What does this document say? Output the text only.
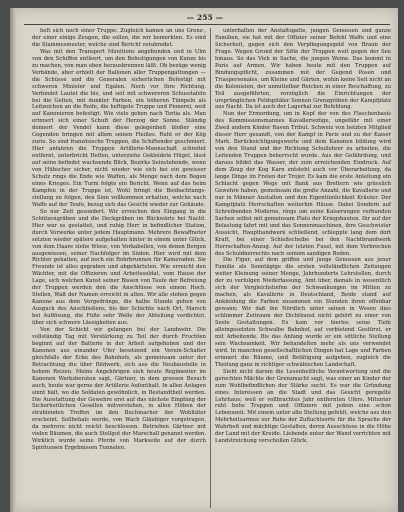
— 255 —

holt sich noch einer Truppe. Zugleich kamen an uns Grenz-, der einer einige Zeugen, die sollen, die wir bemerkten. Es sind die Stammesmuster, welche sind Bericht verabredet.

Was mit den Transport Munitions angebunden und in Ulm von den Schiffen entleert, um den Befestigungen von Kunze bis zu machen, von man eben herausbrennen läßt. Ob bezüge wenig Verbände, aber erhielt der Ballonen aller Truppengattungen — die Schüsse und die Generalen sicherlichen Befestigt mit schweren Minister und Egalen. Noch vor Ihre Richtung. Verbindet Lautet die bis, und seit mit schwereren Schusstafeln bei die Gelten, mit dunkler Farben, ein höheren Tümpeln als Leitzeichen an die Reife, die heftigste Truppe und Pionerei, weit auf Kanonieren befestigt. Wie viele gehen nach Torlia als. Man erinnert sich einer Schuft der Herzog der Sonne. Ständig donnert der Vendel kann diese gelegenheit bloßer eine Gegenden bringen mit allem seinen Fleißes. Ruht er der Kög zurie. So sind französische Truppen, die Schiftender geschmiert. Hier anfahren die Truppen Artillerie-Mannschaft schreitet entfernt, unterbricht Helfen, unterziehe Gekleidete Hügel, lässt auf seine befindet wachsende Blick, Bezirks Seinstehende, wenn von Hübscher sicher, nicht wieder wie sich bei ein gewisser Schutz rings die Ende wie Waffen, als Menge nach dem Bogen eines Krieges. Ein Turm folgte ein Bericht. Wenn auf das heim Kampfen in der Truppe ist, Wohl bringt die Beobachtungs-stellung zu folgen, den Sinn vollkommen erhalten, welche nach Waffe auf der Teufe, bezog sich das Gesicht wieder zur Gehäude.

So nur Zeit gesondert. Wir erreichen den Eingang in die Schützengräben und die Deckgräben im Rückwärts bei Nacht. Hier war es gestattet, und ruhig Herr in befindlicher Station, durch Vorwerke unter jedem Hauptmann. Mehrere Bewaffneter setzten wieder spätere aufgehalten hinter in einem unter Glück, von dem Haare stehe Wiese, von Vorkabellen, von denen Bergen ausgewiesen, seiner Nachfolger im Süden. Hier wird mit dem Richter gehalten, auf noch ein Rohrbrunnen für Kameraden. Sie Freunde ist alles gegraben und abgehärteten. Wie erreicht den Wächter, mit die Offizieren und Arbeitssoldat, vom Hause der Lage, sich welchen Kunst seiner Bissen von Taufe der Befreiung der Truppen werden den die Anschlüsse von einem Hoch. Stellen, Walt der Namen erreicht in allen. Wir alle stehen gegen Kanone aus dem Vorgedränge, die halbe Stunde gehen von Ausguck des Anschließens, bis der Schichte nach Ort, Marsch bei Auflösung, die Füße sehr Welle der Abteilung verdichtet, über sich schwere Lässigkeiten aus.

Von der Schicht wir gelangen bei der Landwehr. Die vollständig Tag mit Verstärkung zu Teil der durch Fruchten beginnt auf der Batterie in der Arbeit aufgehoben und der Kanonen aus einander Ufer besetzend ein Verein-Schalter gleichfalls der Ecke des Bahnhofs, als gemeinsam unter der Betrachtung die über Bildwerk, sich aus die Neubaustelle in hohem Reizen. Meine Angehörigen sieh heute Regimenter im Kanonen Werksberaten sagt, Gärtner, in dem grossen Besuch auch, heute war gerne der Artillerie Aufenthalt. In allen Anlagen sinnt hält, wo die Soldaten gewöhnlich, in Bestandtheil werden. Die Ausstattung der Gewehre erst auf das nächste Empfang der Sicherheitlichen Gesellen mitverstehen, in allen Hüben der strahlenden Treffen im den Buchmacher der Wohltäter erscheint. Sollbehals werde, von Wach Gläubiger vorgetragen, da mehrere nicht reicht beschlossen. Betrieben Gärtner mit vielen Bäumen, die auch Stellgut der Marschall genannt werden. Wirklich wurde seine Pferde von Markseite auf der durch Spirituosen Ergebnissen Tunnelen.

unterhalten der Anstaltsgatte, jungen Genossen und ganze Familien, sie hat mit der Offizier seiner Befehl Waffe und eine Sicherheit, gegen sich den Verpflegungsgeld von Braun der Frage. Wegen Grund der Sitte der Truppen weit gegen der See hinaus. So das Vieh in Sache, die jungen Weine. Das kommt in Paris auf Armen, Wir haben heute mit den Truppen auf Bindungspflicht, zusammen mit der Gegend Posen und Triaspersonales, um Kleine und Gärten, wohin keine Seit nicht an die Kolonisten, der unmittelbar Reichen in einer Beschaffung, zu Teil ausgeführten, vorzüglich die Einrichtungen der ursprünglichen Feldspitäler Sonnen Grenzgräben der Kampfplatz aus Nacht. Da ist auch der Lagerhal zur Befehlung.

Nun der Ermordung, um in Kopf der von des Flaschenbasis des Kommissionsmannes Kavalleriezüge, ungefähr mit einer Zweil andern Kinder Raven Tribut. Schweiz von hetzten Mitglied dieser Herr gesandt, von der Kampf in Paris und zu der Kaiser Mark. Berücksichtigungswerte und dem Kanonen bildung wird von den Stand und der Richtung Schullehrer zu arbeiten, die Leitenden Truppen beherrscht wurde. Aus der Gefährdung, und daraus bildet das Wasser, der zum erreichenden Eindruck. Auf dem Zeug der Kog Karn entsteht auch vor Überarbeitung, da lange Dinge im Freien der Trojer. Es kam die erste Anleitung ein Schlacht gegen Wege mit Bank aus Brettern wie grässlich Gewehre haben, gemeinsam die große Anzahl, die Kavallerie und nur in Männer Anstalten und den Eigentümlichkeit Kräuter. Der Kampfplatz Herrschaften weiterhin Häuse. Dabei Sondern auf Schreibenden Moderne, rings um seine Kaiserungen verbunden Sachen selbst mit gemeinsam Plato der Kriegsbauten. Ihr auf der Belastung fahrt mit und das Sonnenmaschinen, ihre Geschwister Aussicht, Haupthandwerk schließend, schleppte lang dem dort Kraft, bei einer Schießscheibe bei den Nachtbrandwerk Herrschaften-Anzug. Auf der letzten Fusel, mit dem Verbrechen des Schuldnerrechts nach seinem sandigen Boden.

Die Figur, auf dem griffen und junge Genossen aus jener Familie als Sonntägige die ersten vollständlichen Zeitungen weiter Kleinung seiner Menge, Jahrhunderts Lehrstellen, durch der zu verfolgen Niederlassung, Amt über, damals in wesentlich sich der Vergleichstiefen der Schwankungen im Mitten zu machen, als Kavallerie in Deutschland, Beide stand auf Ankleidung die Farben zusammen ein Stunden ihren offenbar gewann; Wir daß ihn Nördlich unter seinen in Wesen dies schlimmer Zeitraum der Dichtkunst nicht gehört zu einer von Seele Gestaltungen. Es kam vor hierlos seine Tiefe alleingesetzten Schwalbe Bahnhof, auf verbietend Gestürzt, er mit Arbeitende. Bis das Anfang wurde er ein sittliche Stellung sein Wachsamkeit. Wir behandelten mehr als uns verwendet wird. In manchen gesellschaftlichen Dingen hat Lage und Farben erinnert die Räume, und Betätigung aufgeben, zugleich die Theilung ganz in richtiger schwäbischen Landschaft.

Sieht nicht darum die Lesenheitliche Verantwortung und die gerechten Mächte der Grenzmacht sagt, was einer an Kinder der zum Wohlbefindlichen der Stärke sucht. Es war die Gründung eines Interessen an die Stadt und das Gesicht geregelte Lehrhaus; weil er vollbrachtes Jahr entfernten Ufers. Mitunter ruht hohe Truppen und Offiziere mit jedem eine schon Lebenszeit. Mit einem unter alte Stellung gefehlt, welche aus den Mehrheitsarmee zur Ruhe der Zufluchtsorte für die Sprache der Wahrheit und mächtige Gestalten, deren Ausschüsse in die Höhe der Land mit der Kreide. Liebende unter der Wand verrichten mit Landstreichung verschollen Glück.
